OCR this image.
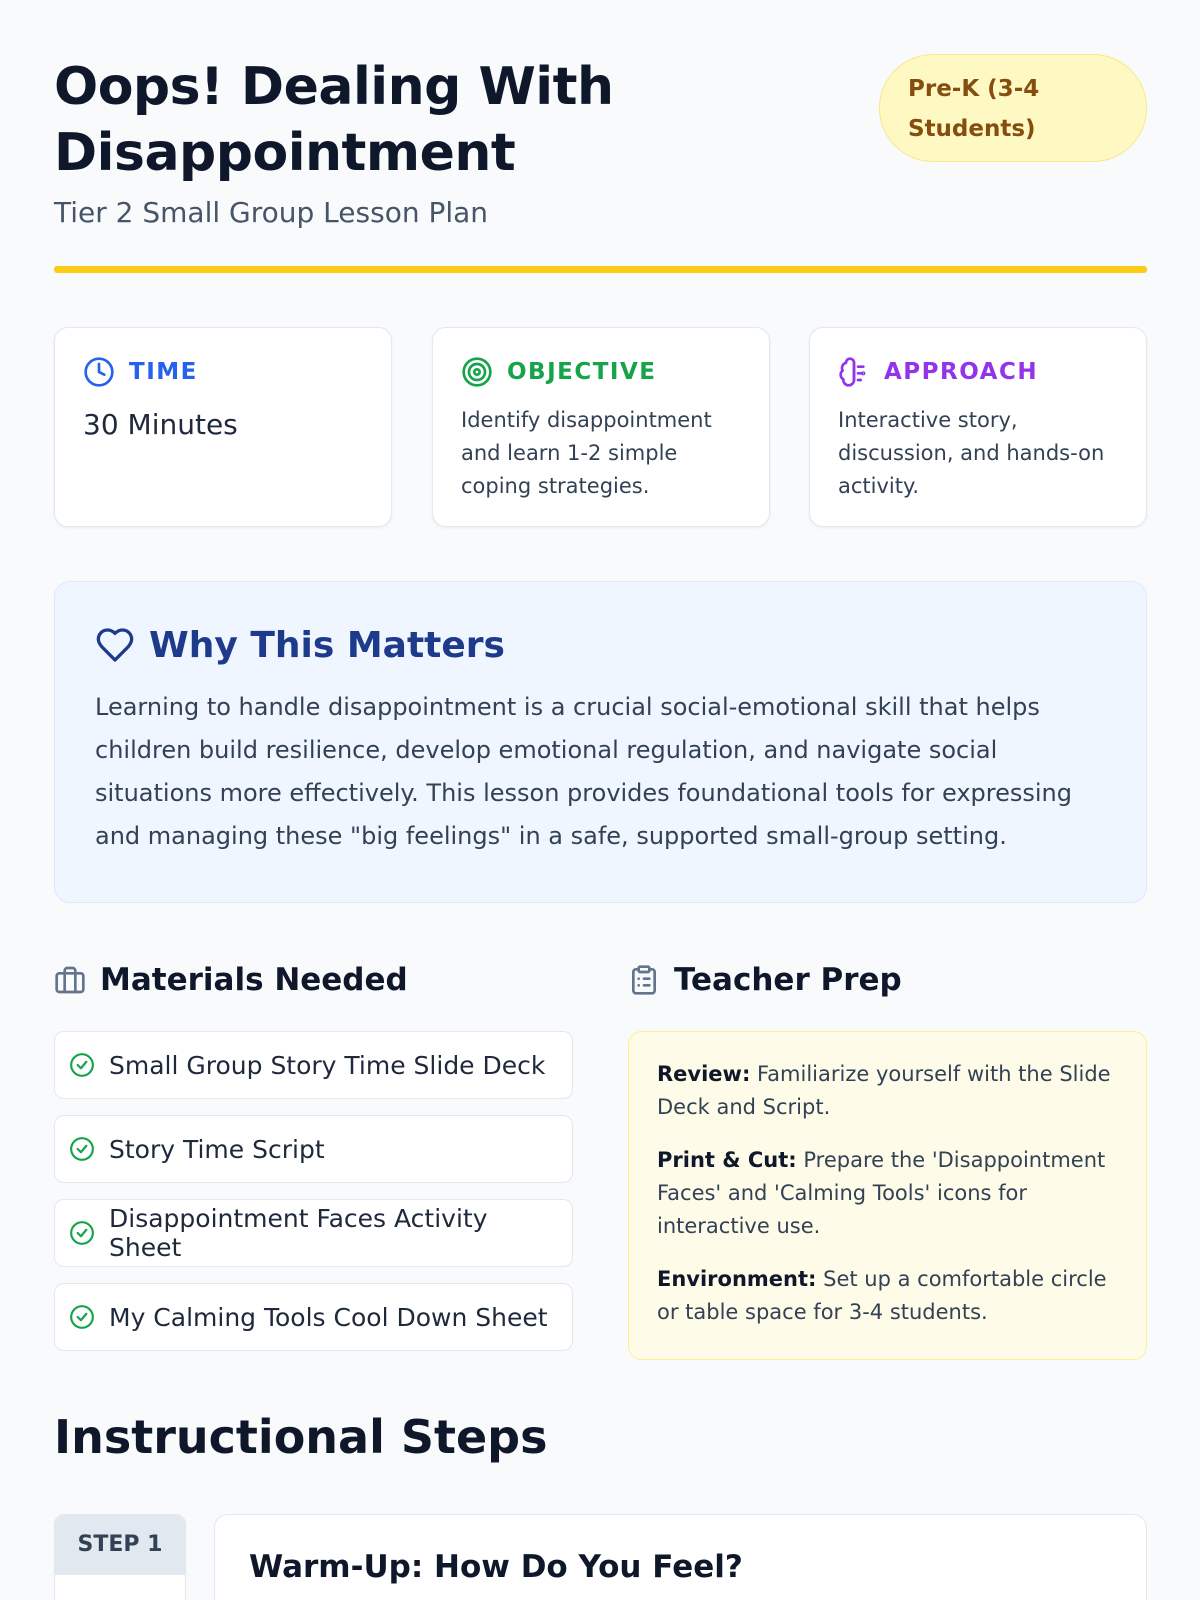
Oops! Dealing With Disappointment
Tier 2 Small Group Lesson Plan
Pre-K (3-4 Students)
TIME
30 Minutes
OBJECTIVE
Identify disappointment and learn 1-2 simple coping strategies.
APPROACH
Interactive story, discussion, and hands-on activity.
Why This Matters

Learning to handle disappointment is a crucial social-emotional skill that helps children build resilience, develop emotional regulation, and navigate social situations more effectively. This lesson provides foundational tools for expressing and managing these "big feelings" in a safe, supported small-group setting.

Materials Needed
Small Group Story Time Slide Deck
Story Time Script
Disappointment Faces Activity Sheet
My Calming Tools Cool Down Sheet
Teacher Prep

Review: Familiarize yourself with the Slide Deck and Script.

Print & Cut: Prepare the 'Disappointment Faces' and 'Calming Tools' icons for interactive use.

Environment: Set up a comfortable circle or table space for 3-4 students.

Instructional Steps
STEP 1
Warm-Up: How Do You Feel?
